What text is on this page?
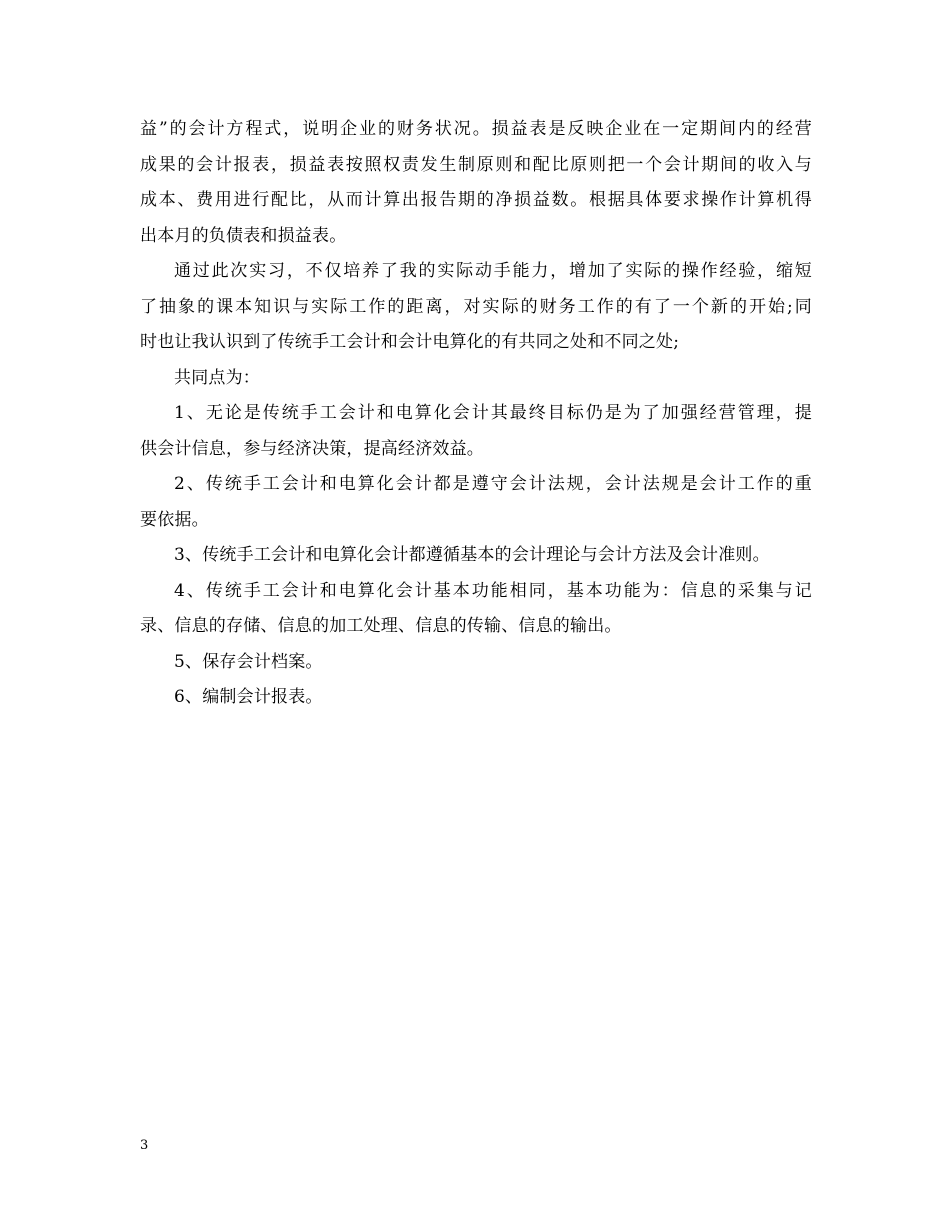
益”的会计方程式，说明企业的财务状况。损益表是反映企业在一定期间内的经营
成果的会计报表，损益表按照权责发生制原则和配比原则把一个会计期间的收入与
成本、费用进行配比，从而计算出报告期的净损益数。根据具体要求操作计算机得
出本月的负债表和损益表。

通过此次实习，不仅培养了我的实际动手能力，增加了实际的操作经验，缩短
了抽象的课本知识与实际工作的距离，对实际的财务工作的有了一个新的开始;同
时也让我认识到了传统手工会计和会计电算化的有共同之处和不同之处;

共同点为：

1、无论是传统手工会计和电算化会计其最终目标仍是为了加强经营管理，提
供会计信息，参与经济决策，提高经济效益。

2、传统手工会计和电算化会计都是遵守会计法规，会计法规是会计工作的重
要依据。

3、传统手工会计和电算化会计都遵循基本的会计理论与会计方法及会计准则。

4、传统手工会计和电算化会计基本功能相同，基本功能为：信息的采集与记
录、信息的存储、信息的加工处理、信息的传输、信息的输出。

5、保存会计档案。

6、编制会计报表。

3
